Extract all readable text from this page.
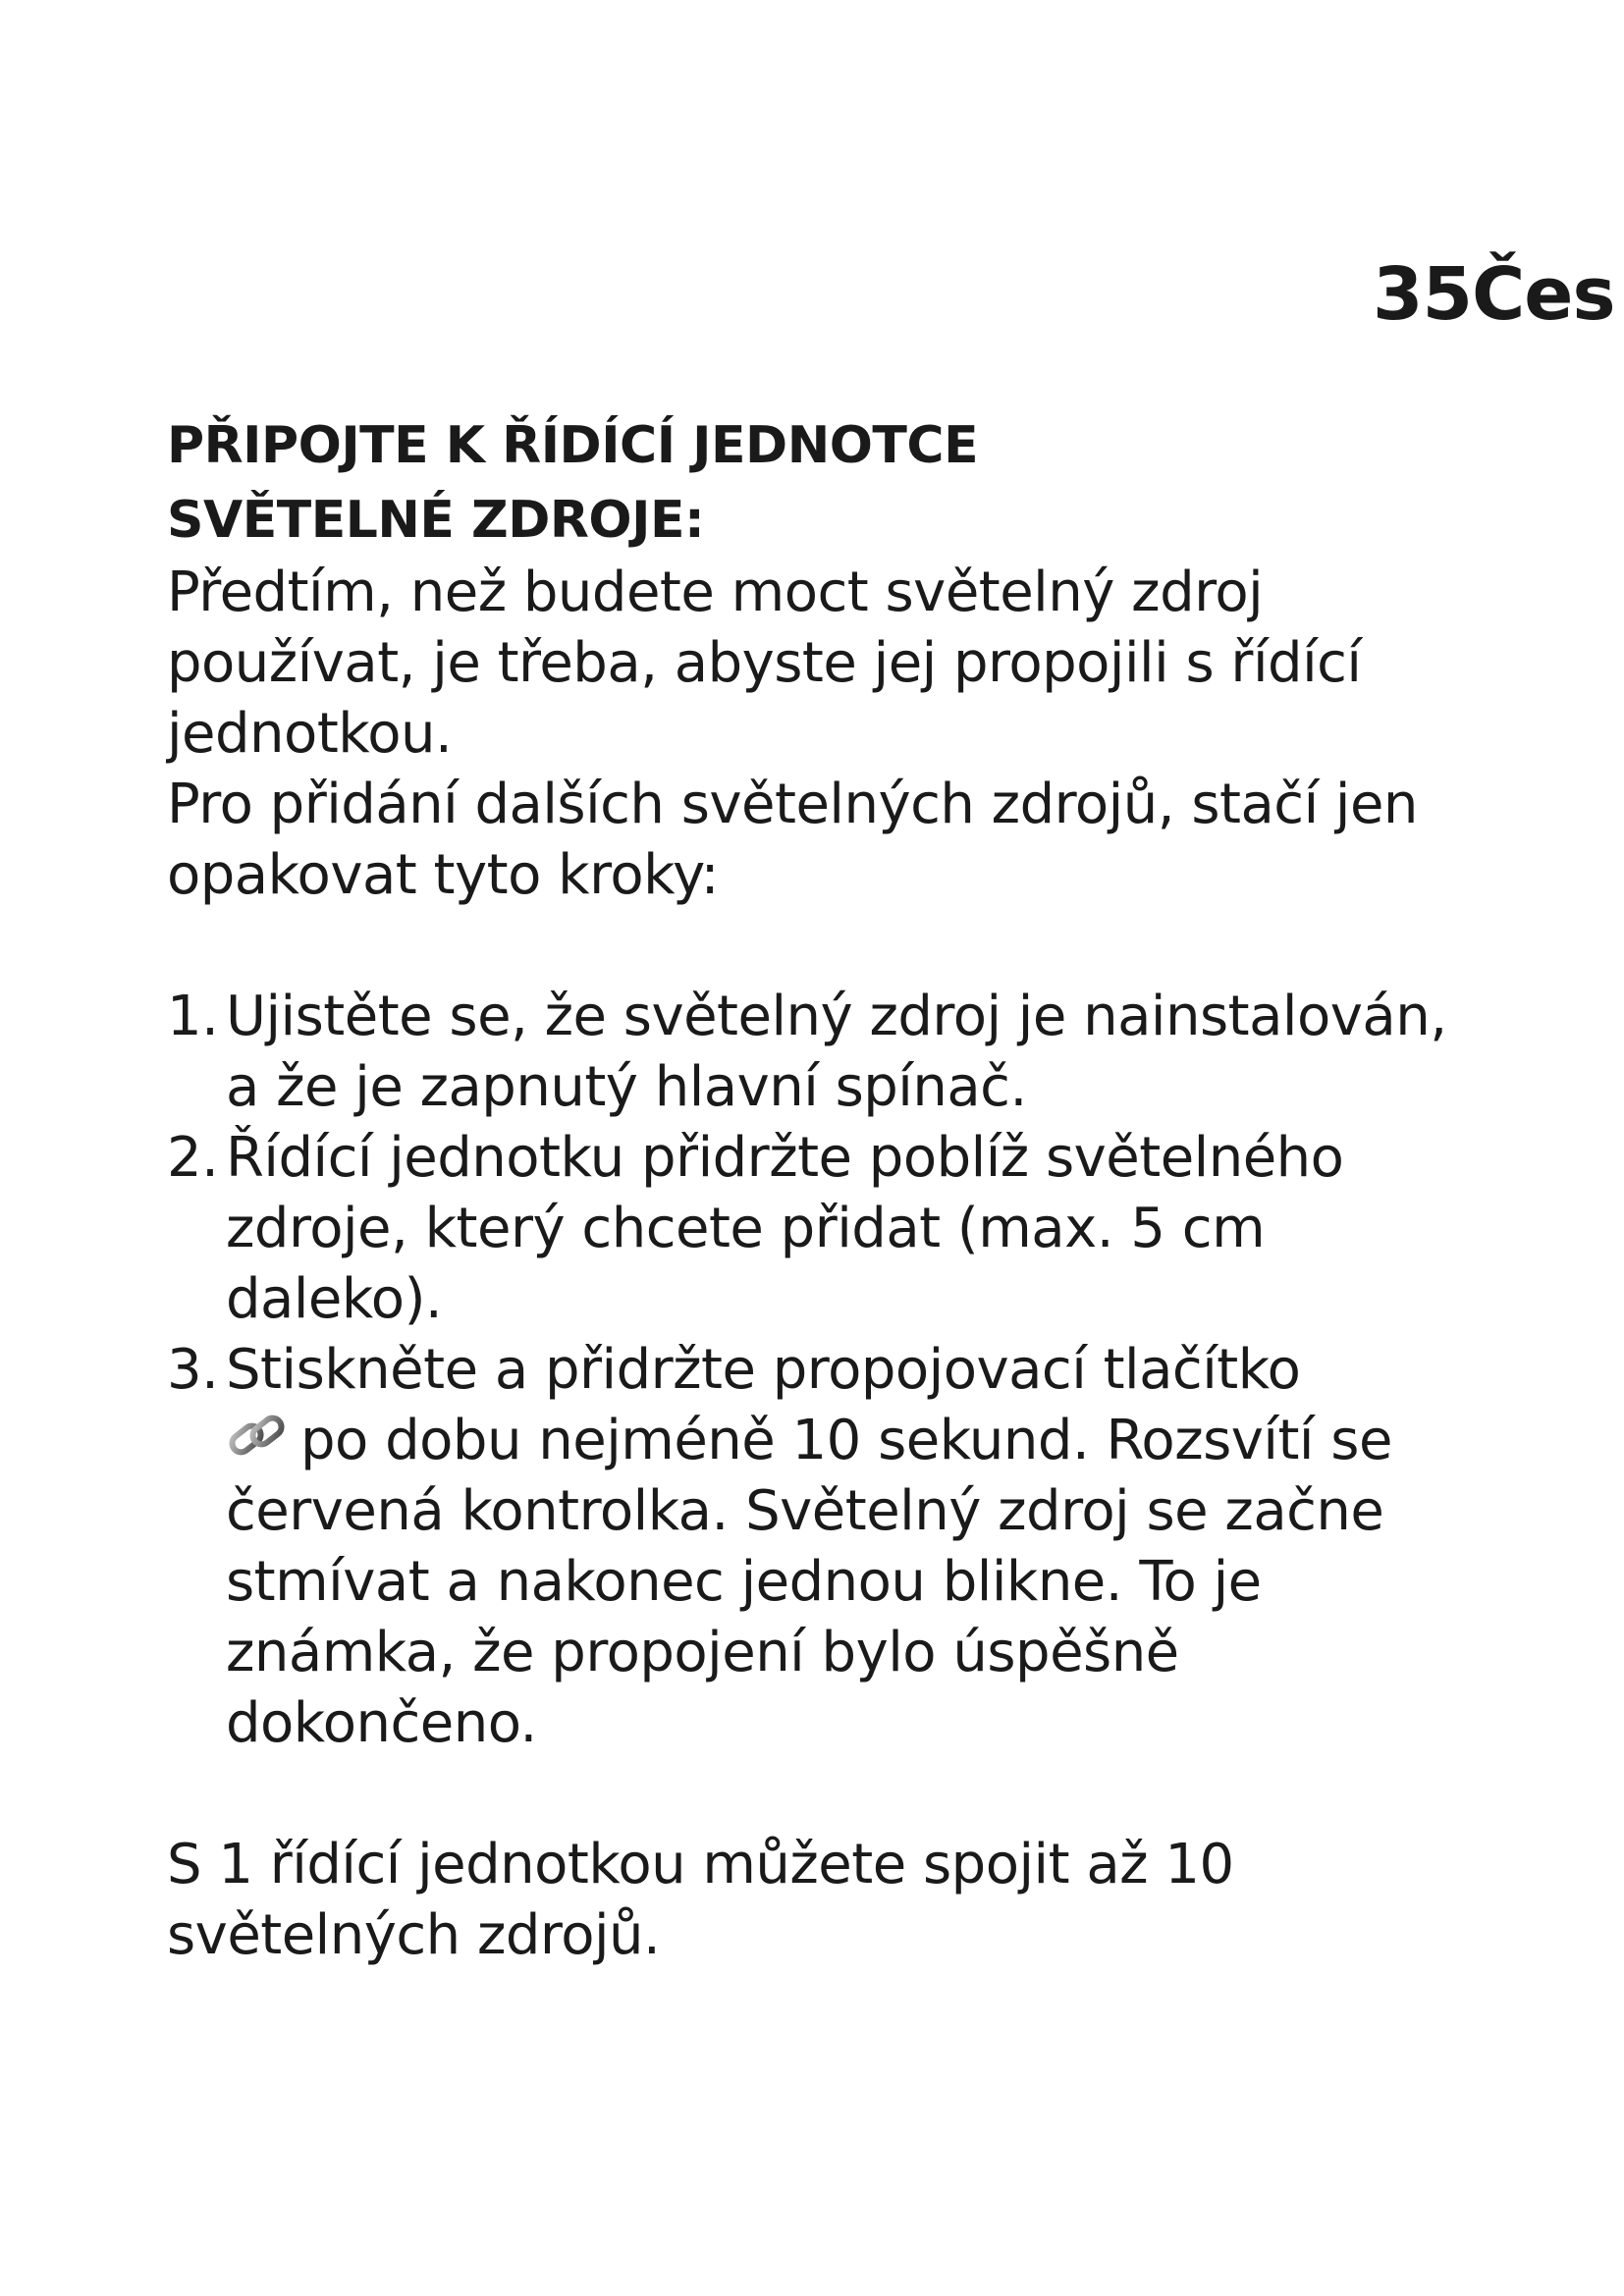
35Čes

PŘIPOJTE K ŘÍDÍCÍ JEDNOTCE
SVĚTELNÉ ZDROJE:

Předtím, než budete moct světelný zdroj používat, je třeba, abyste jej propojili s řídící jednotkou.

Pro přidání dalších světelných zdrojů, stačí jen opakovat tyto kroky:

1. Ujistěte se, že světelný zdroj je nainstalován, a že je zapnutý hlavní spínač.
2. Řídící jednotku přidržte poblíž světelného zdroje, který chcete přidat (max. 5 cm daleko).
3. Stiskněte a přidržte propojovací tlačítko
po dobu nejméně 10 sekund. Rozsvítí se červená kontrolka. Světelný zdroj se začne stmívat a nakonec jednou blikne. To je známka, že propojení bylo úspěšně dokončeno.

S 1 řídící jednotkou můžete spojit až 10 světelných zdrojů.
